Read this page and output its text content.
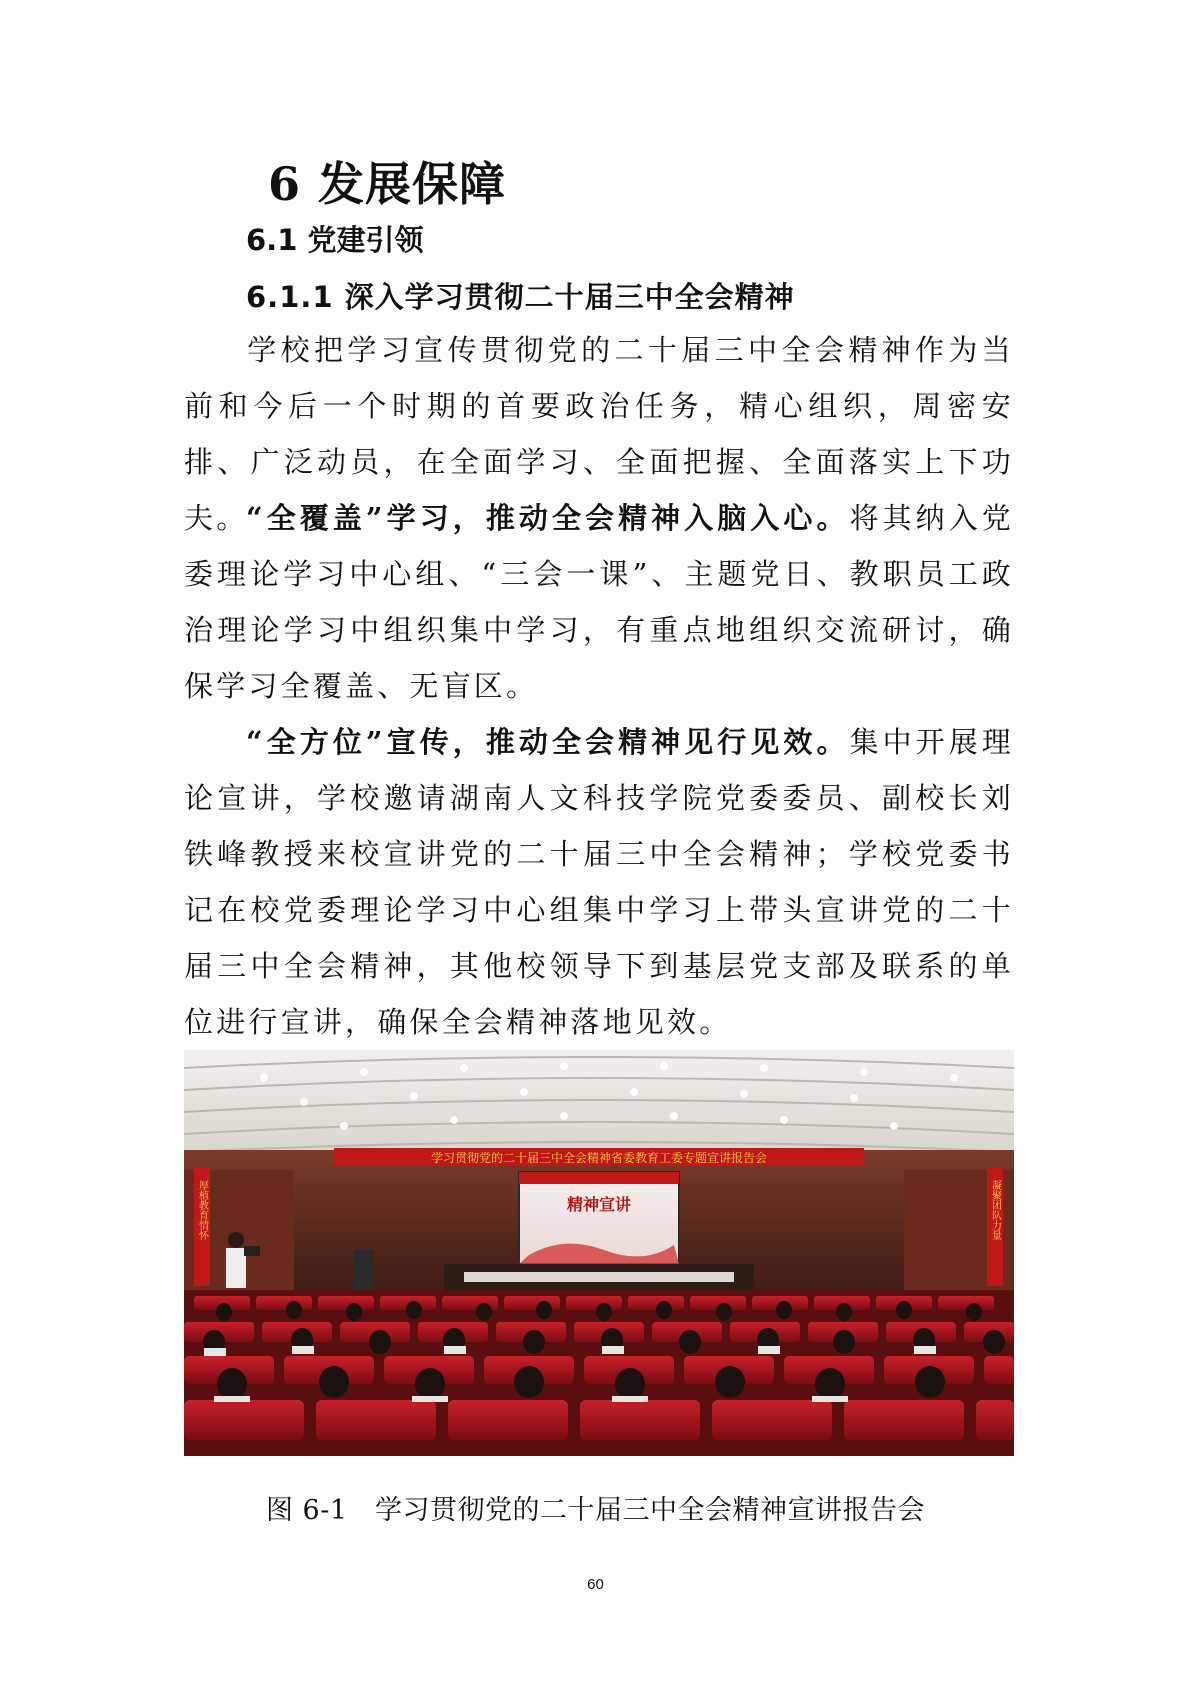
6 发展保障
6.1 党建引领
6.1.1 深入学习贯彻二十届三中全会精神

学校把学习宣传贯彻党的二十届三中全会精神作为当前和今后一个时期的首要政治任务，精心组织，周密安排、广泛动员，在全面学习、全面把握、全面落实上下功夫。

“全覆盖”学习，推动全会精神入脑入心。将其纳入党委理论学习中心组、“三会一课”、主题党日、教职员工政治理论学习中组织集中学习，有重点地组织交流研讨，确保学习全覆盖、无盲区。

“全方位”宣传，推动全会精神见行见效。集中开展理论宣讲，学校邀请湖南人文科技学院党委委员、副校长刘铁峰教授来校宣讲党的二十届三中全会精神；学校党委书记在校党委理论学习中心组集中学习上带头宣讲党的二十届三中全会精神，其他校领导下到基层党支部及联系的单位进行宣讲，确保全会精神落地见效。

学习贯彻党的二十届三中全会精神省委教育工委专题宣讲报告会
厚植教育情怀	凝聚团队力量
精神宣讲
图 6-1　学习贯彻党的二十届三中全会精神宣讲报告会
60
